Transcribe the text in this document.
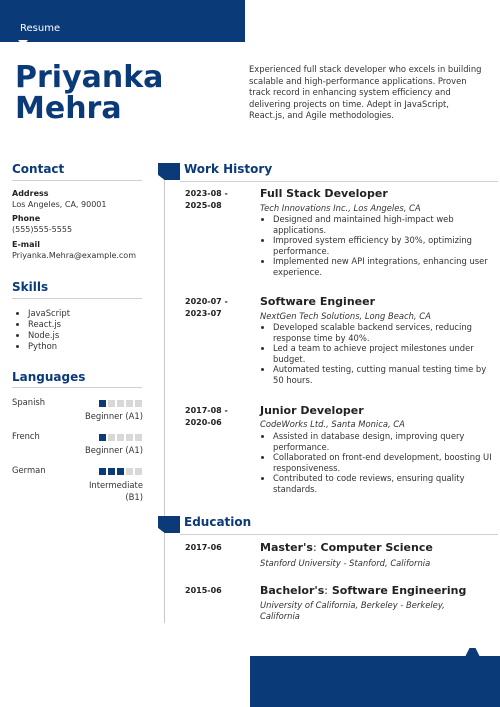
Resume
Priyanka
Mehra
Experienced full stack developer who excels in building scalable and high-performance applications. Proven track record in enhancing system efficiency and delivering projects on time. Adept in JavaScript, React.js, and Agile methodologies.
Contact
Address
Los Angeles, CA, 90001
Phone
(555)555-5555
E-mail
Priyanka.Mehra@example.com
Skills
• JavaScript
• React.js
• Node.js
• Python
Languages
Spanish
Beginner (A1)
French
Beginner (A1)
German
Intermediate (B1)
Work History
2023-08 -
2025-08
Full Stack Developer
Tech Innovations Inc., Los Angeles, CA
• Designed and maintained high-impact web applications.
• Improved system efficiency by 30%, optimizing performance.
• Implemented new API integrations, enhancing user experience.
2020-07 -
2023-07
Software Engineer
NextGen Tech Solutions, Long Beach, CA
• Developed scalable backend services, reducing response time by 40%.
• Led a team to achieve project milestones under budget.
• Automated testing, cutting manual testing time by 50 hours.
2017-08 -
2020-06
Junior Developer
CodeWorks Ltd., Santa Monica, CA
• Assisted in database design, improving query performance.
• Collaborated on front-end development, boosting UI responsiveness.
• Contributed to code reviews, ensuring quality standards.
Education
2017-06	Master's: Computer Science
Stanford University - Stanford, California
2015-06	Bachelor's: Software Engineering
University of California, Berkeley - Berkeley, California
